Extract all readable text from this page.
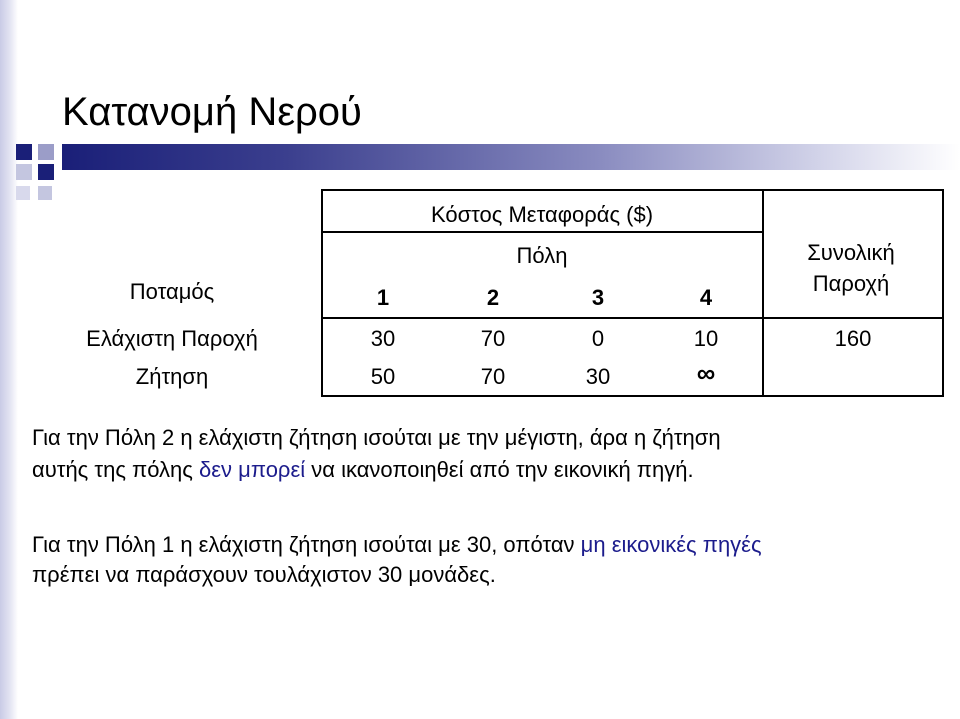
Κατανομή Νερού
Κόστος Μεταφοράς ($)
Πόλη	Συνολική
Παροχή
Ποταμός	1	2	3	4
Ελάχιστη Παροχή	30	70	0	10	160
Ζήτηση	50	70	30	∞
Για την Πόλη 2 η ελάχιστη ζήτηση ισούται με την μέγιστη, άρα η ζήτηση
αυτής της πόλης δεν μπορεί να ικανοποιηθεί από την εικονική πηγή.
Για την Πόλη 1 η ελάχιστη ζήτηση ισούται με 30, οπόταν μη εικονικές πηγές
πρέπει να παράσχουν τουλάχιστον 30 μονάδες.
